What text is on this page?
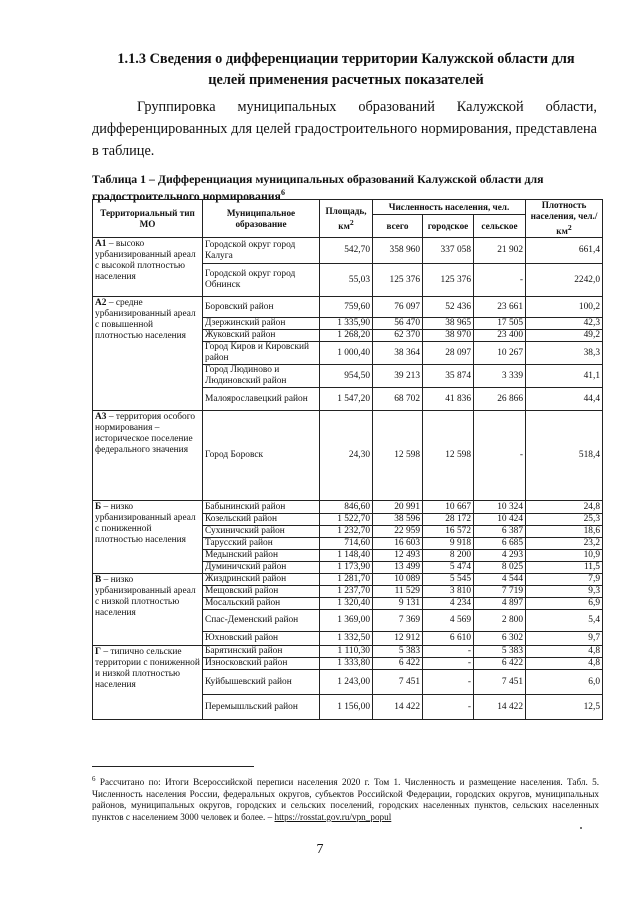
1.1.3 Сведения о дифференциации территории Калужской области для
целей применения расчетных показателей

Группировка муниципальных образований Калужской области, дифференцированных для целей градостроительного нормирования, представлена в таблице.

Таблица 1 – Дифференциация муниципальных образований Калужской области для градостроительного нормирования$^6$

Территориальный тип МО	Муниципальное образование	Площадь, $км^2$	Численность населения, чел.			Плотность населения, чел./ $км^2$
			всего	городское	сельское	
А1 – высоко урбанизированный ареал с высокой плотностью населения	Городской округ город Калуга	542,70	358 960	337 058	21 902	661,4
	Городской округ город Обнинск	55,03	125 376	125 376	-	2242,0
А2 – средне урбанизированный ареал с повышенной плотностью населения	Боровский район	759,60	76 097	52 436	23 661	100,2
	Дзержинский район	1 335,90	56 470	38 965	17 505	42,3
	Жуковский район	1 268,20	62 370	38 970	23 400	49,2
	Город Киров и Кировский район	1 000,40	38 364	28 097	10 267	38,3
	Город Людиново и Людиновский район	954,50	39 213	35 874	3 339	41,1
	Малоярославецкий район	1 547,20	68 702	41 836	26 866	44,4
А3 – территория особого нормирования – историческое поселение федерального значения	Город Боровск	24,30	12 598	12 598	-	518,4
Б – низко урбанизированный ареал с пониженной плотностью населения	Бабынинский район	846,60	20 991	10 667	10 324	24,8
	Козельский район	1 522,70	38 596	28 172	10 424	25,3
	Сухиничский район	1 232,70	22 959	16 572	6 387	18,6
	Тарусский район	714,60	16 603	9 918	6 685	23,2
	Медынский район	1 148,40	12 493	8 200	4 293	10,9
	Думиничский район	1 173,90	13 499	5 474	8 025	11,5
В – низко урбанизированный ареал с низкой плотностью населения	Жиздринский район	1 281,70	10 089	5 545	4 544	7,9
	Мещовский район	1 237,70	11 529	3 810	7 719	9,3
	Мосальский район	1 320,40	9 131	4 234	4 897	6,9
	Спас-Деменский район	1 369,00	7 369	4 569	2 800	5,4
	Юхновский район	1 332,50	12 912	6 610	6 302	9,7
Г – типично сельские территории с пониженной и низкой плотностью населения	Барятинский район	1 110,30	5 383	-	5 383	4,8
	Износковский район	1 333,80	6 422	-	6 422	4,8
	Куйбышевский район	1 243,00	7 451	-	7 451	6,0
	Перемышльский район	1 156,00	14 422	-	14 422	12,5

$^6$ Рассчитано по: Итоги Всероссийской переписи населения 2020 г. Том 1. Численность и размещение населения. Табл. 5. Численность населения России, федеральных округов, субъектов Российской Федерации, городских округов, муниципальных районов, муниципальных округов, городских и сельских поселений, городских населенных пунктов, сельских населенных пунктов с населением 3000 человек и более. – https://rosstat.gov.ru/vpn_popul

7
